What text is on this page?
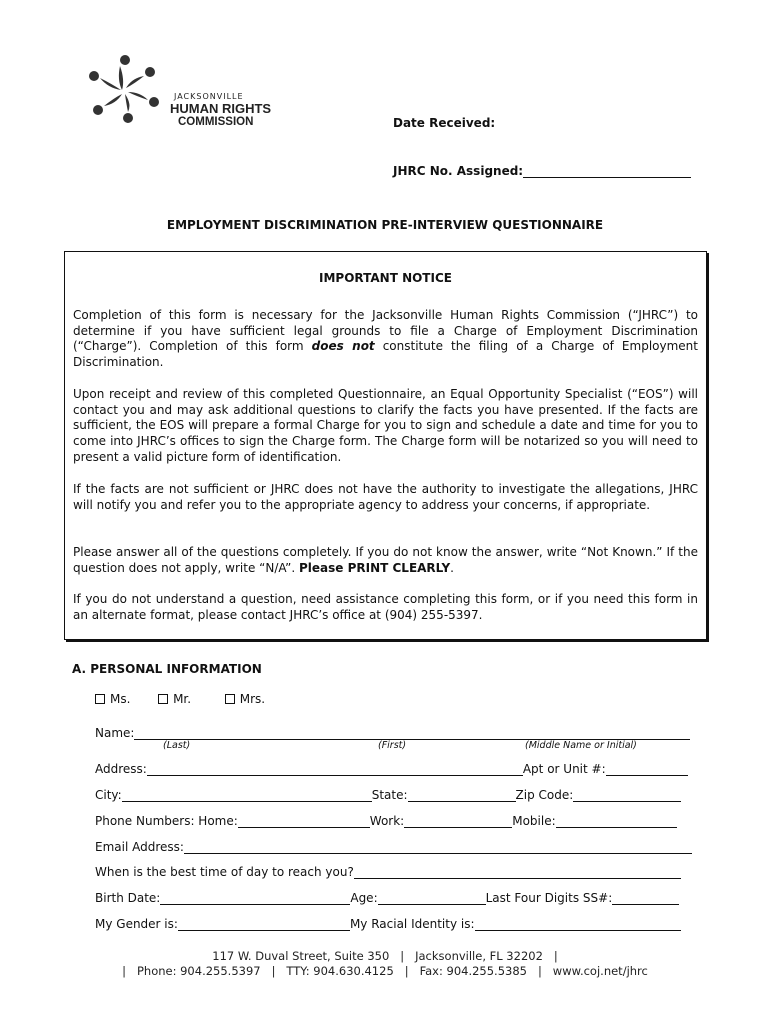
JACKSONVILLE
HUMAN RIGHTS
COMMISSION	Date Received:
JHRC No. Assigned:
EMPLOYMENT DISCRIMINATION PRE-INTERVIEW QUESTIONNAIRE
IMPORTANT NOTICE
Completion of this form is necessary for the Jacksonville Human Rights Commission (“JHRC”) to determine if you have sufficient legal grounds to file a Charge of Employment Discrimination (“Charge”). Completion of this form does not constitute the filing of a Charge of Employment Discrimination.
Upon receipt and review of this completed Questionnaire, an Equal Opportunity Specialist (“EOS”) will contact you and may ask additional questions to clarify the facts you have presented. If the facts are sufficient, the EOS will prepare a formal Charge for you to sign and schedule a date and time for you to come into JHRC’s offices to sign the Charge form. The Charge form will be notarized so you will need to present a valid picture form of identification.
If the facts are not sufficient or JHRC does not have the authority to investigate the allegations, JHRC will notify you and refer you to the appropriate agency to address your concerns, if appropriate.
Please answer all of the questions completely. If you do not know the answer, write “Not Known.” If the question does not apply, write “N/A”. Please PRINT CLEARLY.
If you do not understand a question, need assistance completing this form, or if you need this form in an alternate format, please contact JHRC’s office at (904) 255-5397.
A. PERSONAL INFORMATION
Ms.	Mr.	Mrs.
Name:
(Last)	(First)	(Middle Name or Initial)
Address:	Apt or Unit #:
City:	State:	Zip Code:
Phone Numbers: Home:	Work:	Mobile:
Email Address:
When is the best time of day to reach you?
Birth Date:	Age:	Last Four Digits SS#:
My Gender is:	My Racial Identity is:
117 W. Duval Street, Suite 350   |   Jacksonville, FL 32202   |
|   Phone: 904.255.5397   |   TTY: 904.630.4125   |   Fax: 904.255.5385   |   www.coj.net/jhrc
